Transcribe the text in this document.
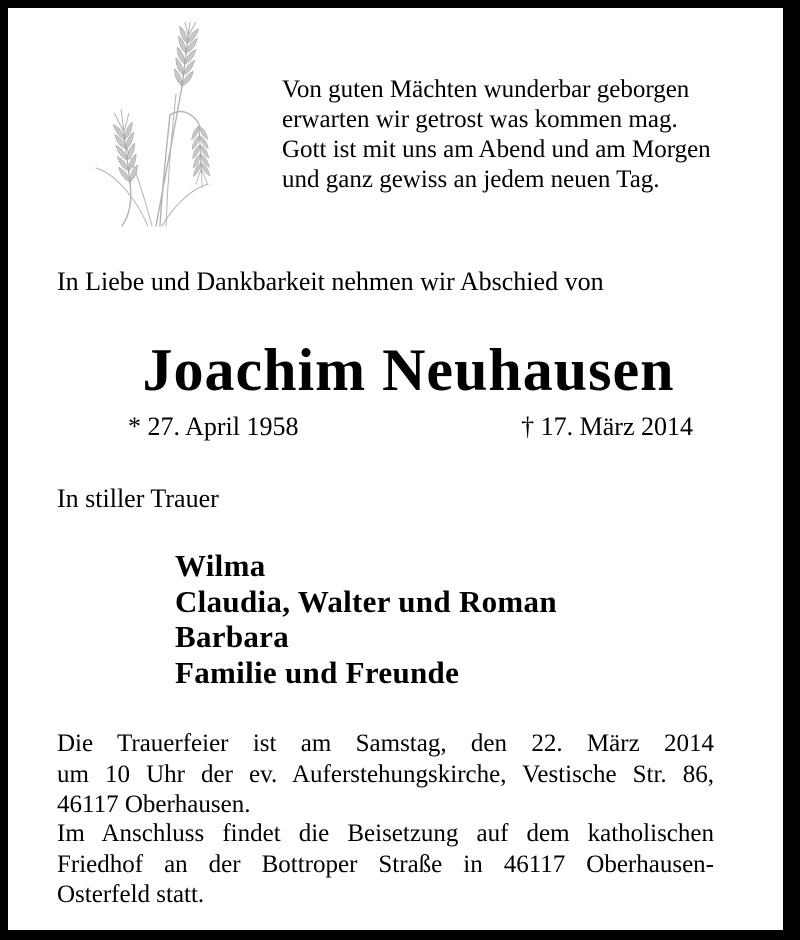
Von guten Mächten wunderbar geborgen
erwarten wir getrost was kommen mag.
Gott ist mit uns am Abend und am Morgen
und ganz gewiss an jedem neuen Tag.
In Liebe und Dankbarkeit nehmen wir Abschied von
Joachim Neuhausen
* 27. April 1958	† 17. März 2014
In stiller Trauer
Wilma
Claudia, Walter und Roman
Barbara
Familie und Freunde
Die Trauerfeier ist am Samstag, den 22. März 2014
um 10 Uhr der ev. Auferstehungskirche, Vestische Str. 86,
46117 Oberhausen.
Im Anschluss findet die Beisetzung auf dem katholischen
Friedhof an der Bottroper Straße in 46117 Oberhausen-
Osterfeld statt.
